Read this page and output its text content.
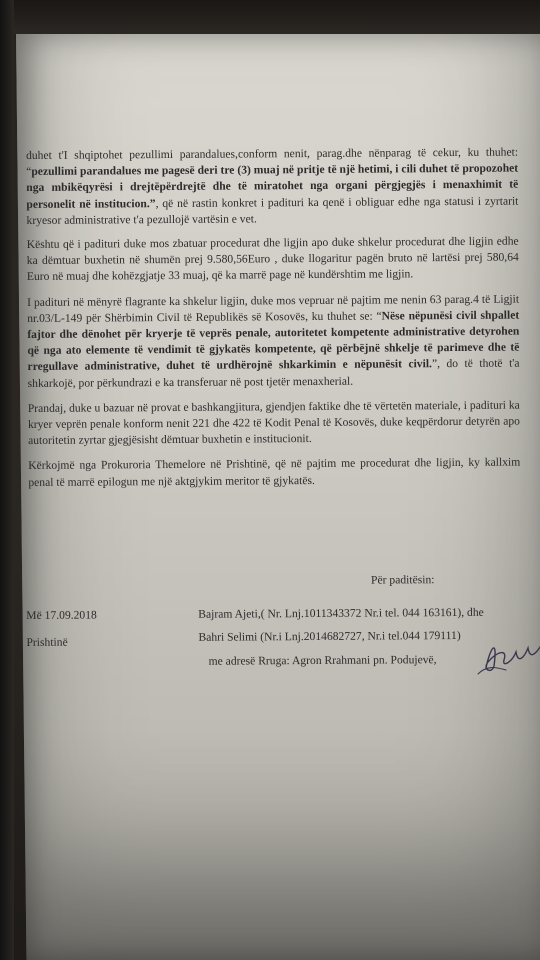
duhet t'I shqiptohet pezullimi parandalues,conform nenit, parag.dhe nënparag të cekur, ku thuhet: “pezullimi parandalues me pagesë deri tre (3) muaj në pritje të një hetimi, i cili duhet të propozohet nga mbikëqyrësi i drejtëpërdrejtë dhe të miratohet nga organi përgjegjës i menaxhimit të personelit në institucion.”, që në rastin konkret i padituri ka qenë i obliguar edhe nga statusi i zyrtarit kryesor administrative t'a pezullojë vartësin e vet.

Kështu që i padituri duke mos zbatuar procedurat dhe ligjin apo duke shkelur procedurat dhe ligjin edhe ka dëmtuar buxhetin në shumën prej 9.580,56Euro , duke llogaritur pagën bruto në lartësi prej 580,64 Euro në muaj dhe kohëzgjatje 33 muaj, që ka marrë page në kundërshtim me ligjin.

I padituri në mënyrë flagrante ka shkelur ligjin, duke mos vepruar në pajtim me nenin 63 parag.4 të Ligjit nr.03/L-149 për Shërbimin Civil të Republikës së Kosovës, ku thuhet se: “Nëse nëpunësi civil shpallet fajtor dhe dënohet për kryerje të veprës penale, autoritetet kompetente administrative detyrohen që nga ato elemente të vendimit të gjykatës kompetente, që përbëjnë shkelje të parimeve dhe të rregullave administrative, duhet të urdhërojnë shkarkimin e nëpunësit civil.”, do të thotë t'a shkarkojë, por përkundrazi e ka transferuar në post tjetër menaxherial.

Prandaj, duke u bazuar në provat e bashkangjitura, gjendjen faktike dhe të vërtetën materiale, i padituri ka kryer veprën penale konform nenit 221 dhe 422 të Kodit Penal të Kosovës, duke keqpërdorur detyrën apo autoritetin zyrtar gjegjësisht dëmtuar buxhetin e institucionit.

Kërkojmë nga Prokuroria Themelore në Prishtinë, që në pajtim me procedurat dhe ligjin, ky kallxim penal të marrë epilogun me një aktgjykim meritor të gjykatës.

Për paditësin:
Më 17.09.2018	Bajram Ajeti,( Nr. Lnj.1011343372 Nr.i tel. 044 163161), dhe
Prishtinë	Bahri Selimi (Nr.i Lnj.2014682727, Nr.i tel.044 179111)
me adresë Rruga: Agron Rrahmani pn. Podujevë,
